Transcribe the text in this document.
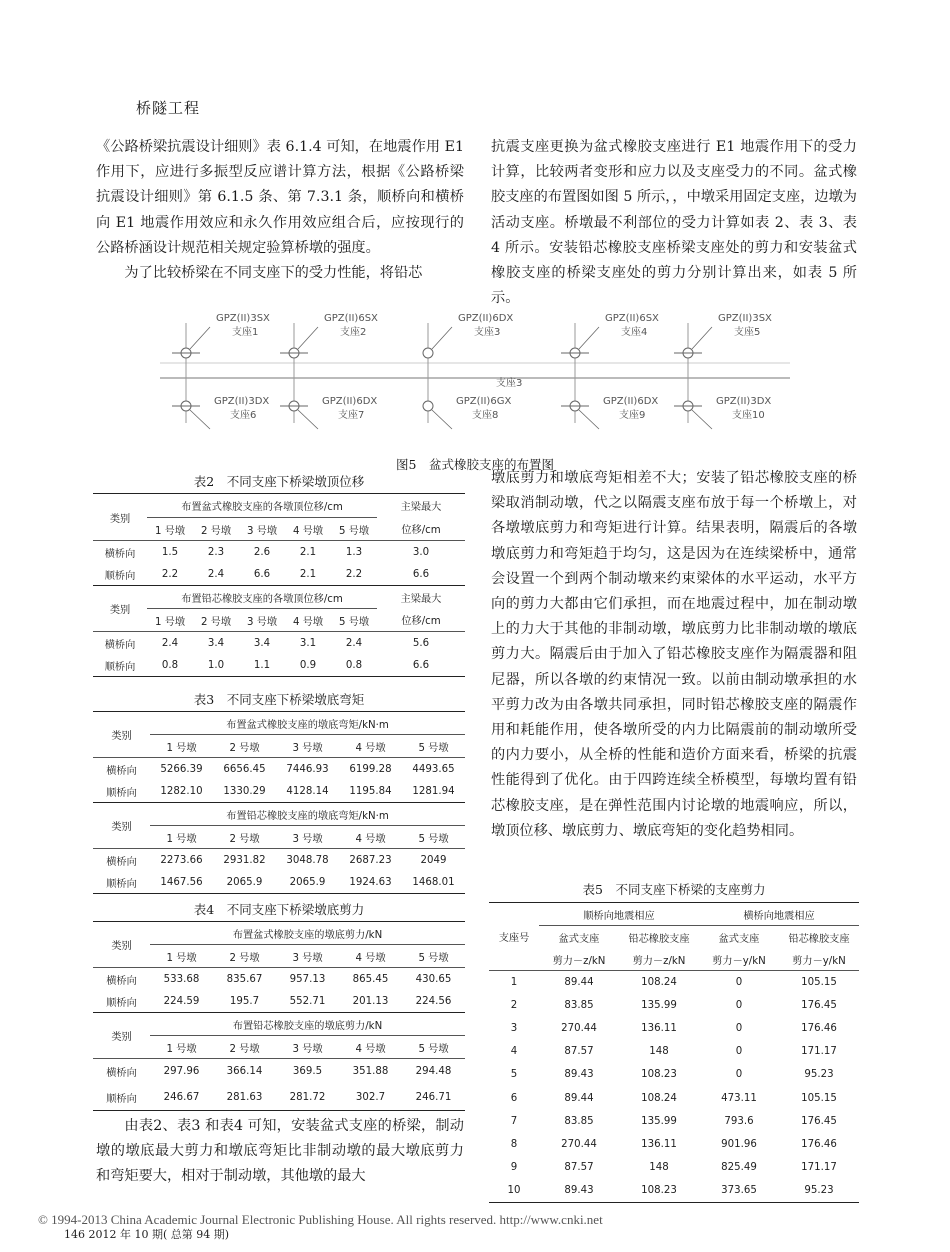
桥隧工程

《公路桥梁抗震设计细则》表 6.1.4 可知，在地震作用 E1 作用下，应进行多振型反应谱计算方法，根据《公路桥梁抗震设计细则》第 6.1.5 条、第 7.3.1 条，顺桥向和横桥向 E1 地震作用效应和永久作用效应组合后，应按现行的公路桥涵设计规范相关规定验算桥墩的强度。

为了比较桥梁在不同支座下的受力性能，将铅芯

抗震支座更换为盆式橡胶支座进行 E1 地震作用下的受力计算，比较两者变形和应力以及支座受力的不同。盆式橡胶支座的布置图如图 5 所示，，中墩采用固定支座，边墩为活动支座。桥墩最不利部位的受力计算如表 2、表 3、表 4 所示。安装铅芯橡胶支座桥梁支座处的剪力和安装盆式橡胶支座的桥梁支座处的剪力分别计算出来，如表 5 所示。

GPZ(II)3SX
支座1
GPZ(II)3DX
支座6
GPZ(II)6SX
支座2
GPZ(II)6DX
支座7
GPZ(II)6DX
支座3
GPZ(II)6GX
支座8
GPZ(II)6SX
支座4
GPZ(II)6DX
支座9
GPZ(II)3SX
支座5
GPZ(II)3DX
支座10
支座3
图5　盆式橡胶支座的布置图
表2　不同支座下桥梁墩顶位移
类别	布置盆式橡胶支座的各墩顶位移/cm					主梁最大
	1 号墩	2 号墩	3 号墩	4 号墩	5 号墩	位移/cm
横桥向	1.5	2.3	2.6	2.1	1.3	3.0
顺桥向	2.2	2.4	6.6	2.1	2.2	6.6
类别	布置铅芯橡胶支座的各墩顶位移/cm					主梁最大
	1 号墩	2 号墩	3 号墩	4 号墩	5 号墩	位移/cm
横桥向	2.4	3.4	3.4	3.1	2.4	5.6
顺桥向	0.8	1.0	1.1	0.9	0.8	6.6
表3　不同支座下桥梁墩底弯矩
类别	布置盆式橡胶支座的墩底弯矩/kN·m				
	1 号墩	2 号墩	3 号墩	4 号墩	5 号墩
横桥向	5266.39	6656.45	7446.93	6199.28	4493.65
顺桥向	1282.10	1330.29	4128.14	1195.84	1281.94
类别	布置铅芯橡胶支座的墩底弯矩/kN·m				
	1 号墩	2 号墩	3 号墩	4 号墩	5 号墩
横桥向	2273.66	2931.82	3048.78	2687.23	2049
顺桥向	1467.56	2065.9	2065.9	1924.63	1468.01
表4　不同支座下桥梁墩底剪力
类别	布置盆式橡胶支座的墩底剪力/kN				
	1 号墩	2 号墩	3 号墩	4 号墩	5 号墩
横桥向	533.68	835.67	957.13	865.45	430.65
顺桥向	224.59	195.7	552.71	201.13	224.56
类别	布置铅芯橡胶支座的墩底剪力/kN				
	1 号墩	2 号墩	3 号墩	4 号墩	5 号墩
横桥向	297.96	366.14	369.5	351.88	294.48
顺桥向	246.67	281.63	281.72	302.7	246.71

由表2、表3 和表4 可知，安装盆式支座的桥梁，制动墩的墩底最大剪力和墩底弯矩比非制动墩的最大墩底剪力和弯矩要大，相对于制动墩，其他墩的最大

墩底剪力和墩底弯矩相差不大；安装了铅芯橡胶支座的桥梁取消制动墩，代之以隔震支座布放于每一个桥墩上，对各墩墩底剪力和弯矩进行计算。结果表明，隔震后的各墩墩底剪力和弯矩趋于均匀，这是因为在连续梁桥中，通常会设置一个到两个制动墩来约束梁体的水平运动，水平方向的剪力大都由它们承担，而在地震过程中，加在制动墩上的力大于其他的非制动墩，墩底剪力比非制动墩的墩底剪力大。隔震后由于加入了铅芯橡胶支座作为隔震器和阻尼器，所以各墩的约束情况一致。以前由制动墩承担的水平剪力改为由各墩共同承担，同时铅芯橡胶支座的隔震作用和耗能作用，使各墩所受的内力比隔震前的制动墩所受的内力要小，从全桥的性能和造价方面来看，桥梁的抗震性能得到了优化。由于四跨连续全桥模型，每墩均置有铅芯橡胶支座，是在弹性范围内讨论墩的地震响应，所以，墩顶位移、墩底剪力、墩底弯矩的变化趋势相同。

表5　不同支座下桥梁的支座剪力
支座号	顺桥向地震相应		横桥向地震相应	
	盆式支座	铅芯橡胶支座	盆式支座	铅芯橡胶支座
	剪力－z/kN	剪力－z/kN	剪力－y/kN	剪力－y/kN
1	89.44	108.24	0	105.15
2	83.85	135.99	0	176.45
3	270.44	136.11	0	176.46
4	87.57	148	0	171.17
5	89.43	108.23	0	95.23
6	89.44	108.24	473.11	105.15
7	83.85	135.99	793.6	176.45
8	270.44	136.11	901.96	176.46
9	87.57	148	825.49	171.17
10	89.43	108.23	373.65	95.23
© 1994-2013 China Academic Journal Electronic Publishing House. All rights reserved. http://www.cnki.net
146 2012 年 10 期( 总第 94 期)
